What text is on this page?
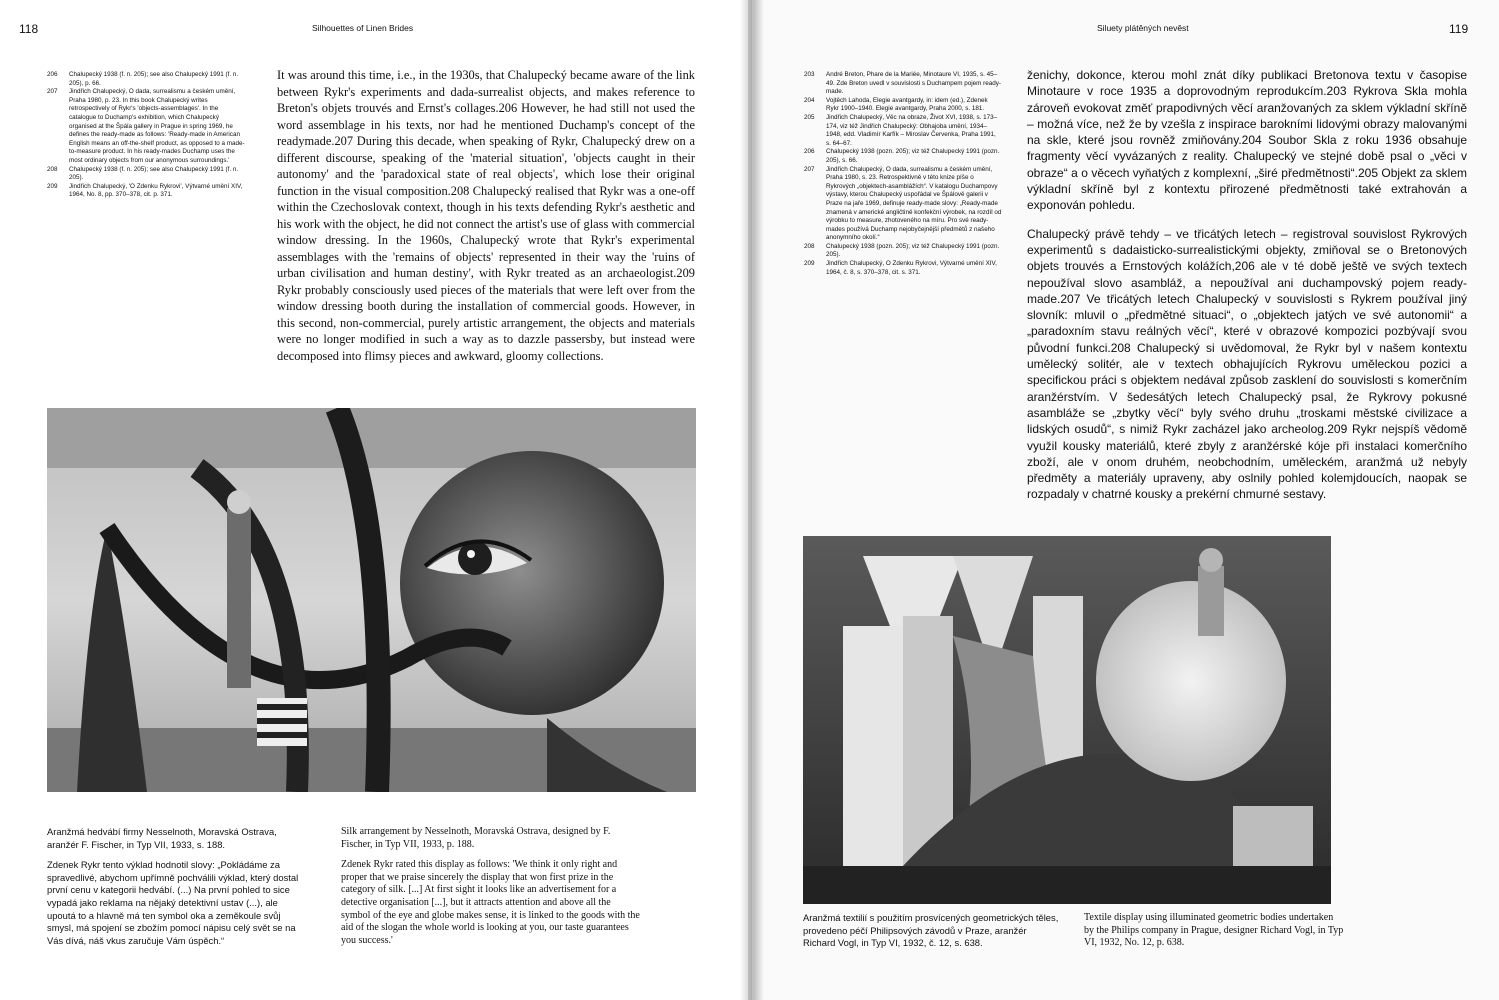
118	Silhouettes of Linen Brides
206	Chalupecký 1938 (f. n. 205); see also Chalupecký 1991 (f. n. 205), p. 66.
207	Jindřich Chalupecký, O dada, surrealismu a českém umění, Praha 1980, p. 23. In this book Chalupecký writes retrospectively of Rykr's 'objects-assemblages'. In the catalogue to Duchamp's exhibition, which Chalupecký organised at the Špála gallery in Prague in spring 1969, he defines the ready-made as follows: 'Ready-made in American English means an off-the-shelf product, as opposed to a made-to-measure product. In his ready-mades Duchamp uses the most ordinary objects from our anonymous surroundings.'
208	Chalupecký 1938 (f. n. 205); see also Chalupecký 1991 (f. n. 205).
209	Jindřich Chalupecký, 'O Zdenku Rykrovi', Výtvarné umění XIV, 1964, No. 8, pp. 370–378, cit. p. 371.
It was around this time, i.e., in the 1930s, that Chalupecký became aware of the link between Rykr's experiments and dada-surrealist objects, and makes reference to Breton's objets trouvés and Ernst's collages.206 However, he had still not used the word assemblage in his texts, nor had he mentioned Duchamp's concept of the readymade.207 During this decade, when speaking of Rykr, Chalupecký drew on a different discourse, speaking of the 'material situation', 'objects caught in their autonomy' and the 'paradoxical state of real objects', which lose their original function in the visual composition.208 Chalupecký realised that Rykr was a one-off within the Czechoslovak context, though in his texts defending Rykr's aesthetic and his work with the object, he did not connect the artist's use of glass with commercial window dressing. In the 1960s, Chalupecký wrote that Rykr's experimental assemblages with the 'remains of objects' represented in their way the 'ruins of urban civilisation and human destiny', with Rykr treated as an archaeologist.209 Rykr probably consciously used pieces of the materials that were left over from the window dressing booth during the installation of commercial goods. However, in this second, non-commercial, purely artistic arrangement, the objects and materials were no longer modified in such a way as to dazzle passersby, but instead were decomposed into flimsy pieces and awkward, gloomy collections.

Aranžmá hedvábí firmy Nesselnoth, Moravská Ostrava, aranžér F. Fischer, in Typ VII, 1933, s. 188.

Zdenek Rykr tento výklad hodnotil slovy: „Pokládáme za spravedlivé, abychom upřímně pochválili výklad, který dostal první cenu v kategorii hedvábí. (...) Na první pohled to sice vypadá jako reklama na nějaký detektivní ustav (...), ale upoutá to a hlavně má ten symbol oka a zeměkoule svůj smysl, má spojení se zbožím pomocí nápisu celý svět se na Vás dívá, náš vkus zaručuje Vám úspěch.“

Silk arrangement by Nesselnoth, Moravská Ostrava, designed by F. Fischer, in Typ VII, 1933, p. 188.

Zdenek Rykr rated this display as follows: 'We think it only right and proper that we praise sincerely the display that won first prize in the category of silk. [...] At first sight it looks like an advertisement for a detective organisation [...], but it attracts attention and above all the symbol of the eye and globe makes sense, it is linked to the goods with the aid of the slogan the whole world is looking at you, our taste guarantees you success.'

Siluety plátěných nevěst	119
203	André Breton, Phare de la Mariée, Minotaure VI, 1935, s. 45–49. Zde Breton uvedl v souvislosti s Duchampem pojem ready-made.
204	Vojtěch Lahoda, Elegie avantgardy, in: idem (ed.), Zdenek Rykr 1900–1940. Elegie avantgardy, Praha 2000, s. 181.
205	Jindřich Chalupecký, Věc na obraze, Život XVI, 1938, s. 173–174, viz též Jindřich Chalupecký: Obhajoba umění, 1934–1948, edd. Vladimír Karfík – Miroslav Červenka, Praha 1991, s. 64–67.
206	Chalupecký 1938 (pozn. 205); viz též Chalupecký 1991 (pozn. 205), s. 66.
207	Jindřich Chalupecký, O dada, surrealismu a českém umění, Praha 1980, s. 23. Retrospektivně v této knize píše o Rykrových „objektech-asamblážích“. V katalogu Duchampovy výstavy, kterou Chalupecký uspořádal ve Špálově galerii v Praze na jaře 1969, definuje ready-made slovy: „Ready-made znamená v americké angličtině konfekční výrobek, na rozdíl od výrobku to measure, zhotoveného na míru. Pro své ready-mades používá Duchamp nejobyčejnější předmětů z našeho anonymního okolí.“
208	Chalupecký 1938 (pozn. 205); viz též Chalupecký 1991 (pozn. 205).
209	Jindřich Chalupecký, O Zdenku Rykrovi, Výtvarné umění XIV, 1964, č. 8, s. 370–378, cit. s. 371.

ženichy, dokonce, kterou mohl znát díky publikaci Bretonova textu v časopise Minotaure v roce 1935 a doprovodným reprodukcím.203 Rykrova Skla mohla zároveň evokovat změť prapodivných věcí aranžovaných za sklem výkladní skříně – možná více, než že by vzešla z inspirace barokními lidovými obrazy malovanými na skle, které jsou rovněž zmiňovány.204 Soubor Skla z roku 1936 obsahuje fragmenty věcí vyvázaných z reality. Chalupecký ve stejné době psal o „věci v obraze“ a o věcech vyňatých z komplexní, „širé předmětnosti“.205 Objekt za sklem výkladní skříně byl z kontextu přirozené předmětnosti také extrahován a exponován pohledu.

Chalupecký právě tehdy – ve třicátých letech – registroval souvislost Rykrových experimentů s dadaisticko-surrealistickými objekty, zmiňoval se o Bretonových objets trouvés a Ernstových kolážích,206 ale v té době ještě ve svých textech nepoužíval slovo asambláž, a nepoužíval ani duchampovský pojem ready-made.207 Ve třicátých letech Chalupecký v souvislosti s Rykrem používal jiný slovník: mluvil o „předmětné situaci“, o „objektech jatých ve své autonomii“ a „paradoxním stavu reálných věcí“, které v obrazové kompozici pozbývají svou původní funkci.208 Chalupecký si uvědomoval, že Rykr byl v našem kontextu umělecký solitér, ale v textech obhajujících Rykrovu uměleckou pozici a specifickou práci s objektem nedával způsob zasklení do souvislosti s komerčním aranžérstvím. V šedesátých letech Chalupecký psal, že Rykrovy pokusné asambláže se „zbytky věcí“ byly svého druhu „troskami městské civilizace a lidských osudů“, s nimiž Rykr zacházel jako archeolog.209 Rykr nejspíš vědomě využil kousky materiálů, které zbyly z aranžérské kóje při instalaci komerčního zboží, ale v onom druhém, neobchodním, uměleckém, aranžmá už nebyly předměty a materiály upraveny, aby oslnily pohled kolemjdoucích, naopak se rozpadaly v chatrné kousky a prekérní chmurné sestavy.

Aranžmá textilií s použitím prosvícených geometrických těles, provedeno péčí Philipsových závodů v Praze, aranžér Richard Vogl, in Typ VI, 1932, č. 12, s. 638.
Textile display using illuminated geometric bodies undertaken by the Philips company in Prague, designer Richard Vogl, in Typ VI, 1932, No. 12, p. 638.
